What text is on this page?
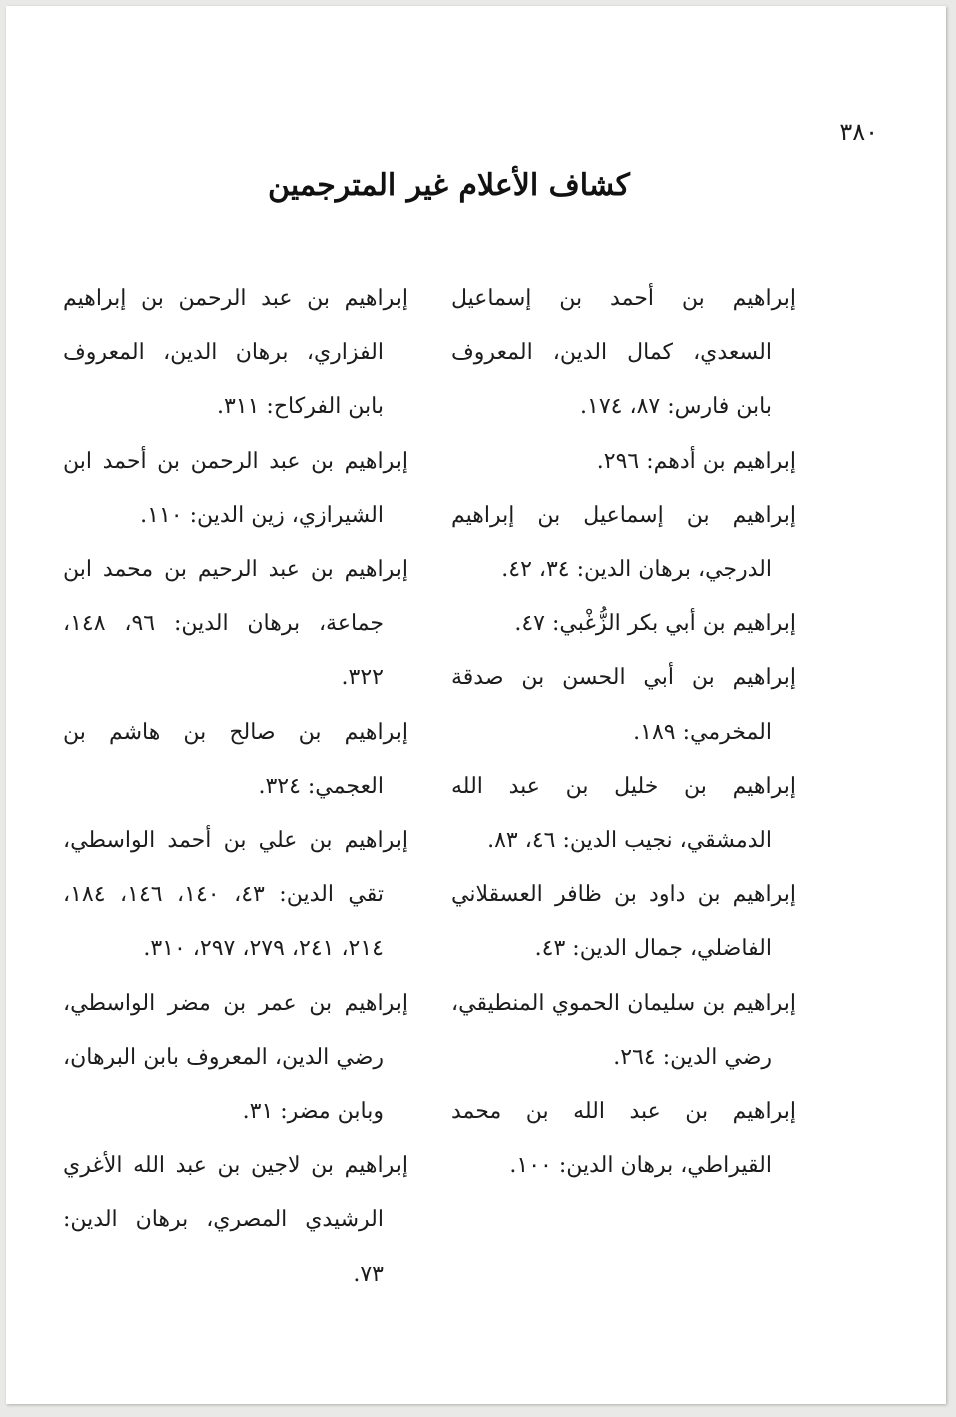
٣٨٠
كشاف الأعلام غير المترجمين

إبراهيم بن أحمد بن إسماعيل السعدي، كمال الدين، المعروف بابن فارس: ٨٧، ١٧٤.

إبراهيم بن أدهم: ٢٩٦.

إبراهيم بن إسماعيل بن إبراهيم الدرجي، برهان الدين: ٣٤، ٤٢.

إبراهيم بن أبي بكر الزُّغْبي: ٤٧.

إبراهيم بن أبي الحسن بن صدقة المخرمي: ١٨٩.

إبراهيم بن خليل بن عبد الله الدمشقي، نجيب الدين: ٤٦، ٨٣.

إبراهيم بن داود بن ظافر العسقلاني الفاضلي، جمال الدين: ٤٣.

إبراهيم بن سليمان الحموي المنطيقي، رضي الدين: ٢٦٤.

إبراهيم بن عبد الله بن محمد القيراطي، برهان الدين: ١٠٠.

إبراهيم بن عبد الرحمن بن إبراهيم الفزاري، برهان الدين، المعروف بابن الفركاح: ٣١١.

إبراهيم بن عبد الرحمن بن أحمد ابن الشيرازي، زين الدين: ١١٠.

إبراهيم بن عبد الرحيم بن محمد ابن جماعة، برهان الدين: ٩٦، ١٤٨، ٣٢٢.

إبراهيم بن صالح بن هاشم بن العجمي: ٣٢٤.

إبراهيم بن علي بن أحمد الواسطي، تقي الدين: ٤٣، ١٤٠، ١٤٦، ١٨٤، ٢١٤، ٢٤١، ٢٧٩، ٢٩٧، ٣١٠.

إبراهيم بن عمر بن مضر الواسطي، رضي الدين، المعروف بابن البرهان، وبابن مضر: ٣١.

إبراهيم بن لاجين بن عبد الله الأغري الرشيدي المصري، برهان الدين: ٧٣.
